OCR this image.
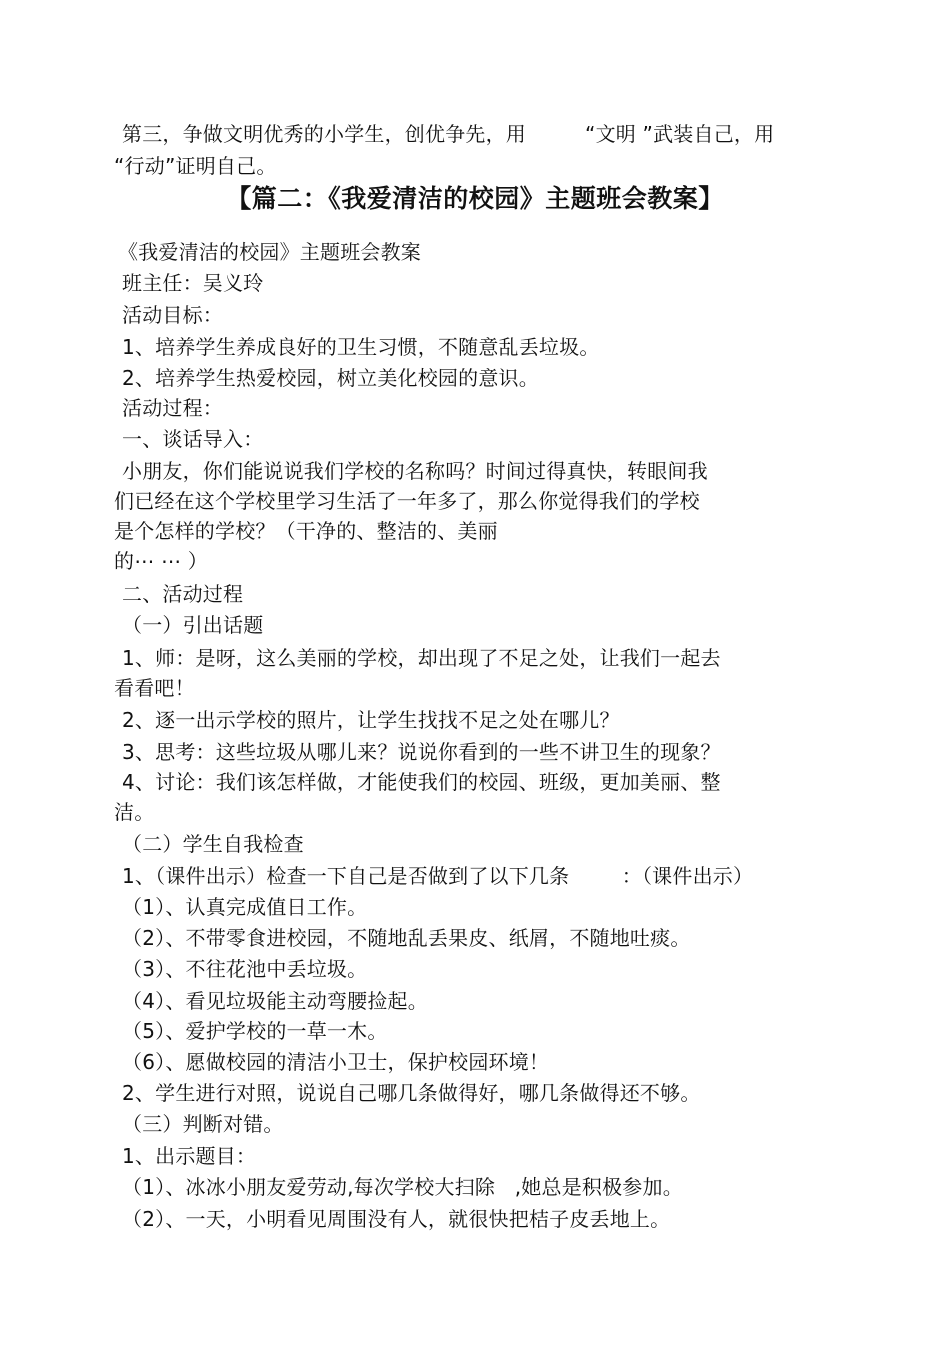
第三，争做文明优秀的小学生，创优争先，用         “文明 ”武装自己，用
“行动”证明自己。
【篇二：《我爱清洁的校园》主题班会教案】
《我爱清洁的校园》主题班会教案
班主任：吴义玲
活动目标：
1、培养学生养成良好的卫生习惯，不随意乱丢垃圾。
2、培养学生热爱校园，树立美化校园的意识。
活动过程：
一、谈话导入：
小朋友，你们能说说我们学校的名称吗？时间过得真快，转眼间我
们已经在这个学校里学习生活了一年多了，那么你觉得我们的学校
是个怎样的学校？（干净的、整洁的、美丽
的⋯ ⋯ ）
二、活动过程
（一）引出话题
1、师：是呀，这么美丽的学校，却出现了不足之处，让我们一起去
看看吧！
2、逐一出示学校的照片，让学生找找不足之处在哪儿？
3、思考：这些垃圾从哪儿来？说说你看到的一些不讲卫生的现象？
4、讨论：我们该怎样做，才能使我们的校园、班级，更加美丽、整
洁。
（二）学生自我检查
1、（课件出示）检查一下自己是否做到了以下几条        ：（课件出示）
（1）、认真完成值日工作。
（2）、不带零食进校园，不随地乱丢果皮、纸屑，不随地吐痰。
（3）、不往花池中丢垃圾。
（4）、看见垃圾能主动弯腰捡起。
（5）、爱护学校的一草一木。
（6）、愿做校园的清洁小卫士，保护校园环境！
2、学生进行对照，说说自己哪几条做得好，哪几条做得还不够。
（三）判断对错。
1、出示题目：
（1）、冰冰小朋友爱劳动,每次学校大扫除   ,她总是积极参加。
（2）、一天，小明看见周围没有人，就很快把桔子皮丢地上。
